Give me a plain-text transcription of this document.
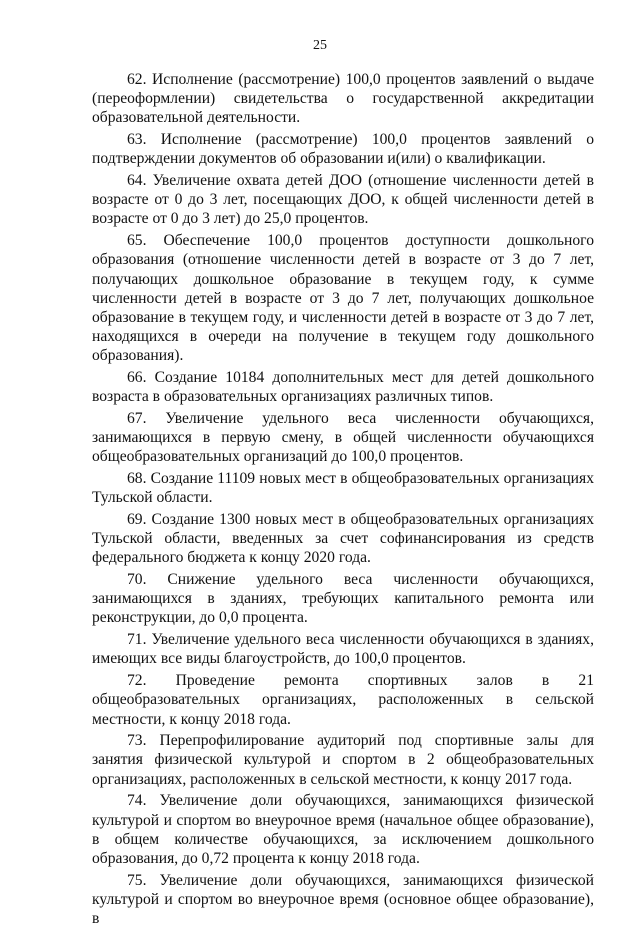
25

62. Исполнение (рассмотрение) 100,0 процентов заявлений о выдаче (переоформлении) свидетельства о государственной аккредитации образовательной деятельности.

63. Исполнение (рассмотрение) 100,0 процентов заявлений о подтверждении документов об образовании и(или) о квалификации.

64. Увеличение охвата детей ДОО (отношение численности детей в возрасте от 0 до 3 лет, посещающих ДОО, к общей численности детей в возрасте от 0 до 3 лет) до 25,0 процентов.

65. Обеспечение 100,0 процентов доступности дошкольного образования (отношение численности детей в возрасте от 3 до 7 лет, получающих дошкольное образование в текущем году, к сумме численности детей в возрасте от 3 до 7 лет, получающих дошкольное образование в текущем году, и численности детей в возрасте от 3 до 7 лет, находящихся в очереди на получение в текущем году дошкольного образования).

66. Создание 10184 дополнительных мест для детей дошкольного возраста в образовательных организациях различных типов.

67. Увеличение удельного веса численности обучающихся, занимающихся в первую смену, в общей численности обучающихся общеобразовательных организаций до 100,0 процентов.

68. Создание 11109 новых мест в общеобразовательных организациях Тульской области.

69. Создание 1300 новых мест в общеобразовательных организациях Тульской области, введенных за счет софинансирования из средств федерального бюджета к концу 2020 года.

70. Снижение удельного веса численности обучающихся, занимающихся в зданиях, требующих капитального ремонта или реконструкции, до 0,0 процента.

71. Увеличение удельного веса численности обучающихся в зданиях, имеющих все виды благоустройств, до 100,0 процентов.

72. Проведение ремонта спортивных залов в 21 общеобразовательных организациях, расположенных в сельской местности, к концу 2018 года.

73. Перепрофилирование аудиторий под спортивные залы для занятия физической культурой и спортом в 2 общеобразовательных организациях, расположенных в сельской местности, к концу 2017 года.

74. Увеличение доли обучающихся, занимающихся физической культурой и спортом во внеурочное время (начальное общее образование), в общем количестве обучающихся, за исключением дошкольного образования, до 0,72 процента к концу 2018 года.

75. Увеличение доли обучающихся, занимающихся физической культурой и спортом во внеурочное время (основное общее образование), в
